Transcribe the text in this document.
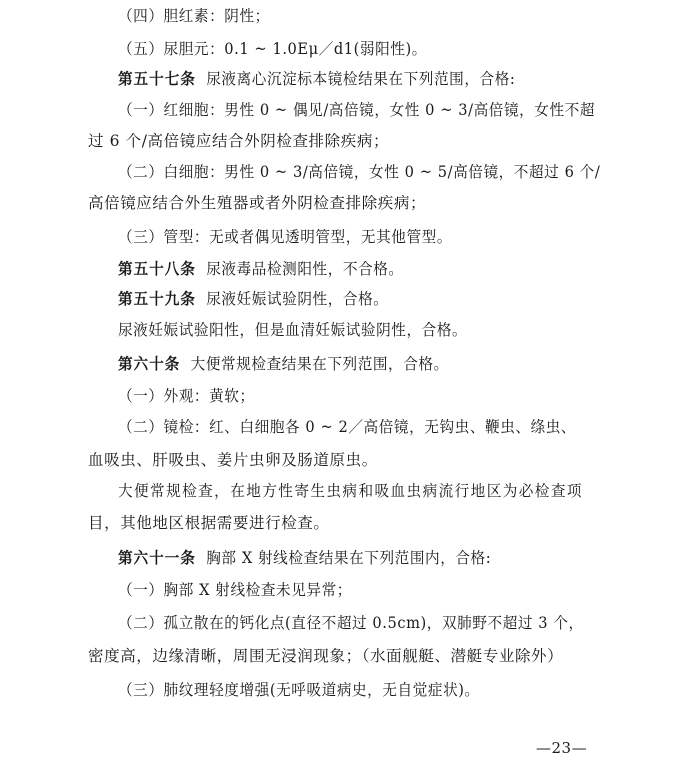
（四）胆红素：阴性；
（五）尿胆元：0.1 ~ 1.0Eμ／d1(弱阳性)。
第五十七条 尿液离心沉淀标本镜检结果在下列范围，合格:
（一）红细胞：男性 0 ~ 偶见/高倍镜，女性 0 ~ 3/高倍镜，女性不超
过 6 个/高倍镜应结合外阴检查排除疾病；
（二）白细胞：男性 0 ~ 3/高倍镜，女性 0 ~ 5/高倍镜，不超过 6 个/
高倍镜应结合外生殖器或者外阴检查排除疾病；
（三）管型：无或者偶见透明管型，无其他管型。
第五十八条 尿液毒品检测阳性，不合格。
第五十九条 尿液妊娠试验阴性，合格。
尿液妊娠试验阳性，但是血清妊娠试验阴性，合格。
第六十条 大便常规检查结果在下列范围，合格。
（一）外观：黄软；
（二）镜检：红、白细胞各 0 ~ 2／高倍镜，无钩虫、鞭虫、绦虫、
血吸虫、肝吸虫、姜片虫卵及肠道原虫。
大便常规检查，在地方性寄生虫病和吸血虫病流行地区为必检查项
目，其他地区根据需要进行检查。
第六十一条 胸部 X 射线检查结果在下列范围内，合格:
（一）胸部 X 射线检查未见异常；
（二）孤立散在的钙化点(直径不超过 0.5cm)，双肺野不超过 3 个，
密度高，边缘清晰，周围无浸润现象；（水面舰艇、潜艇专业除外）
（三）肺纹理轻度增强(无呼吸道病史，无自觉症状)。
—23—
